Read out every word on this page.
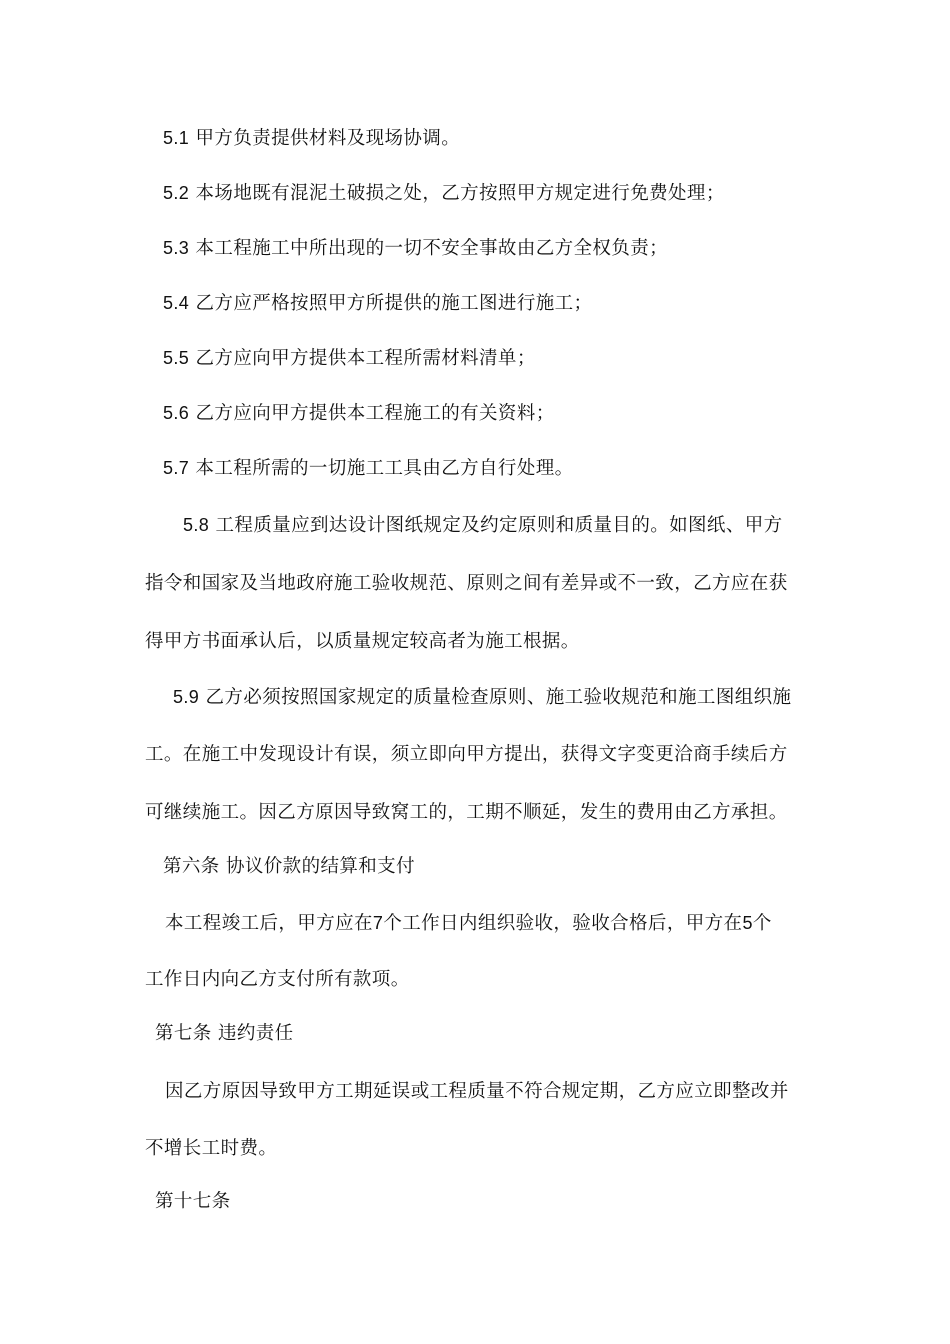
5.1 甲方负责提供材料及现场协调。
5.2 本场地既有混泥土破损之处，乙方按照甲方规定进行免费处理；
5.3 本工程施工中所出现的一切不安全事故由乙方全权负责；
5.4 乙方应严格按照甲方所提供的施工图进行施工；
5.5 乙方应向甲方提供本工程所需材料清单；
5.6 乙方应向甲方提供本工程施工的有关资料；
5.7 本工程所需的一切施工工具由乙方自行处理。
5.8 工程质量应到达设计图纸规定及约定原则和质量目的。如图纸、甲方
指令和国家及当地政府施工验收规范、原则之间有差异或不一致，乙方应在获
得甲方书面承认后，以质量规定较高者为施工根据。
5.9 乙方必须按照国家规定的质量检查原则、施工验收规范和施工图组织施
工。在施工中发现设计有误，须立即向甲方提出，获得文字变更洽商手续后方
可继续施工。因乙方原因导致窝工的，工期不顺延，发生的费用由乙方承担。
第六条 协议价款的结算和支付
本工程竣工后，甲方应在7个工作日内组织验收，验收合格后，甲方在5个
工作日内向乙方支付所有款项。
第七条 违约责任
因乙方原因导致甲方工期延误或工程质量不符合规定期，乙方应立即整改并
不增长工时费。
第十七条
